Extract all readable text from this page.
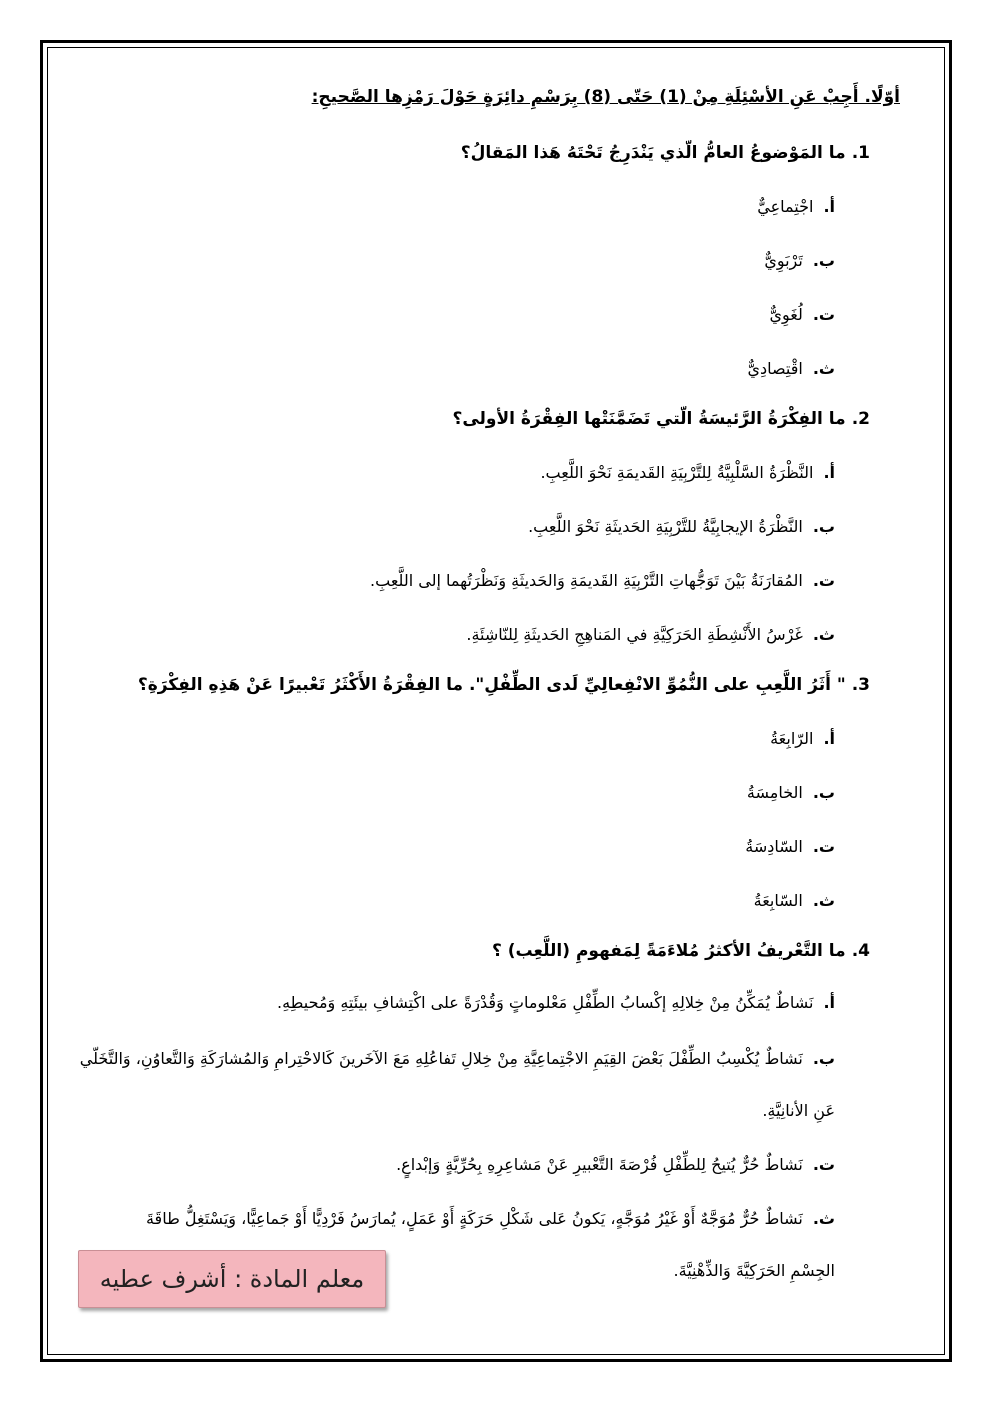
أوّلًا. أَجِبْ عَنِ الأسْئِلَةِ مِنْ (1) حَتّى (8) بِرَسْمِ دائِرَةٍ حَوْلَ رَمْزِها الصَّحيحِ:
1.ما المَوْضوعُ العامُّ الّذي يَنْدَرِجُ تَحْتَهُ هَذا المَقالُ؟
أ.اجْتِماعِيٌّ
ب.تَرْبَوِيٌّ
ت.لُغَوِيٌّ
ث.اقْتِصادِيٌّ
2.ما الفِكْرَةُ الرَّئيسَةُ الّتي تَضَمَّنَتْها الفِقْرَةُ الأولى؟
أ.النَّظْرَةُ السَّلْبِيَّةُ لِلتَّرْبِيَةِ القَديمَةِ نَحْوَ اللَّعِبِ.
ب.النَّظْرَةُ الإيجابِيَّةُ للتَّرْبِيَةِ الحَديثَةِ نَحْوَ اللَّعِبِ.
ت.المُقارَنَةُ بَيْنَ تَوَجُّهاتِ التَّرْبِيَةِ القَديمَةِ وَالحَديثَةِ وَنَظْرَتُهما إلى اللَّعِبِ.
ث.غَرْسُ الأَنْشِطَةِ الحَرَكِيَّةِ في المَناهِجِ الحَديثَةِ لِلنّاشِئَةِ.
3." أَثَرُ اللَّعِبِ على النُّمُوِّ الانْفِعالِيِّ لَدى الطِّفْلِ". ما الفِقْرَةُ الأَكْثَرُ تَعْبيرًا عَنْ هَذِهِ الفِكْرَةِ؟
أ.الرّابِعَةُ
ب.الخامِسَةُ
ت.السّادِسَةُ
ث.السّابِعَةُ
4.ما التَّعْريفُ الأكثرُ مُلاءَمَةً لِمَفهومِ (اللَّعِب) ؟
أ.نَشاطٌ يُمَكِّنُ مِنْ خِلالِهِ إكْسابُ الطِّفْلِ مَعْلوماتٍ وَقُدْرَةً على اكْتِشافِ بيئَتِهِ وَمُحيطِهِ.
ب.نَشاطٌ يُكْسِبُ الطِّفْلَ بَعْضَ القِيَمِ الاجْتِماعِيَّةِ مِنْ خِلالِ تَفاعُلِهِ مَعَ الآخَرينَ كَالاحْتِرامِ وَالمُشارَكَةِ وَالتَّعاوُنِ، وَالتَّخَلّي عَنِ الأنانِيَّةِ.
ت.نَشاطٌ حُرٌّ يُتيحُ لِلطِّفْلِ فُرْصَةَ التَّعْبيرِ عَنْ مَشاعِرِهِ بِحُرِّيَّةٍ وَإبْداعٍ.
ث.نَشاطٌ حُرٌّ مُوَجَّهٌ أَوْ غَيْرُ مُوَجَّهٍ، يَكونُ عَلى شَكْلِ حَرَكَةٍ أَوْ عَمَلٍ، يُمارَسُ فَرْدِيًّا أَوْ جَماعِيًّا، وَيَسْتَغِلُّ طاقَةَ الجِسْمِ الحَرَكِيَّةَ وَالذِّهْنِيَّةَ.
معلم المادة : أشرف عطيه
